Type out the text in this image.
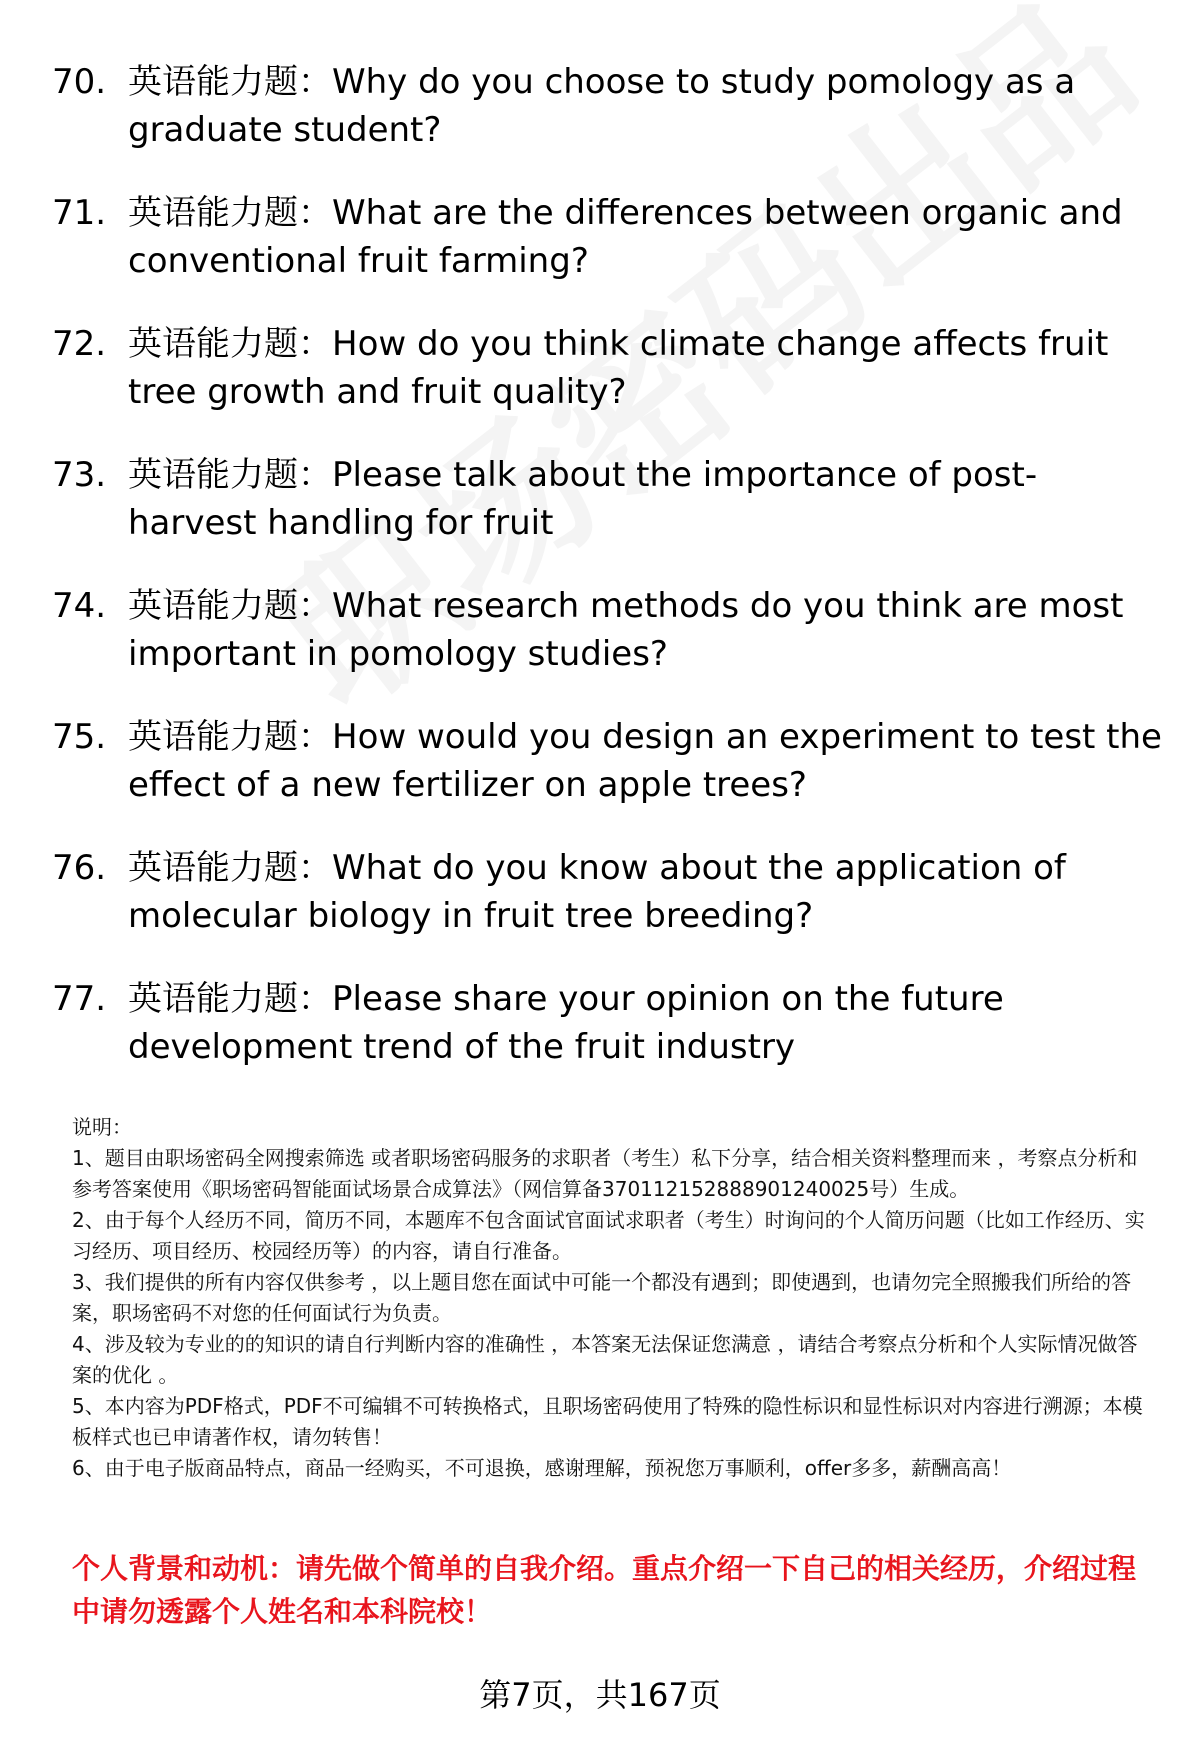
70. 英语能力题：Why do you choose to study pomology as a graduate student?
71. 英语能力题：What are the differences between organic and conventional fruit farming?
72. 英语能力题：How do you think climate change affects fruit tree growth and fruit quality?
73. 英语能力题：Please talk about the importance of post-harvest handling for fruit
74. 英语能力题：What research methods do you think are most important in pomology studies?
75. 英语能力题：How would you design an experiment to test the effect of a new fertilizer on apple trees?
76. 英语能力题：What do you know about the application of molecular biology in fruit tree breeding?
77. 英语能力题：Please share your opinion on the future development trend of the fruit industry

说明：

1、题目由职场密码全网搜索筛选 或者职场密码服务的求职者（考生）私下分享，结合相关资料整理而来 ，考察点分析和参考答案使用《职场密码智能面试场景合成算法》（网信算备370112152888901240025号）生成。

2、由于每个人经历不同，简历不同，本题库不包含面试官面试求职者（考生）时询问的个人简历问题（比如工作经历、实习经历、项目经历、校园经历等）的内容，请自行准备。

3、我们提供的所有内容仅供参考 ，以上题目您在面试中可能一个都没有遇到；即使遇到，也请勿完全照搬我们所给的答案，职场密码不对您的任何面试行为负责。

4、涉及较为专业的的知识的请自行判断内容的准确性 ，本答案无法保证您满意 ，请结合考察点分析和个人实际情况做答案的优化 。

5、本内容为PDF格式，PDF不可编辑不可转换格式，且职场密码使用了特殊的隐性标识和显性标识对内容进行溯源；本模板样式也已申请著作权，请勿转售！

6、由于电子版商品特点，商品一经购买，不可退换，感谢理解，预祝您万事顺利，offer多多，薪酬高高！

个人背景和动机：请先做个简单的自我介绍。重点介绍一下自己的相关经历，介绍过程中请勿透露个人姓名和本科院校！
第7页，共167页
